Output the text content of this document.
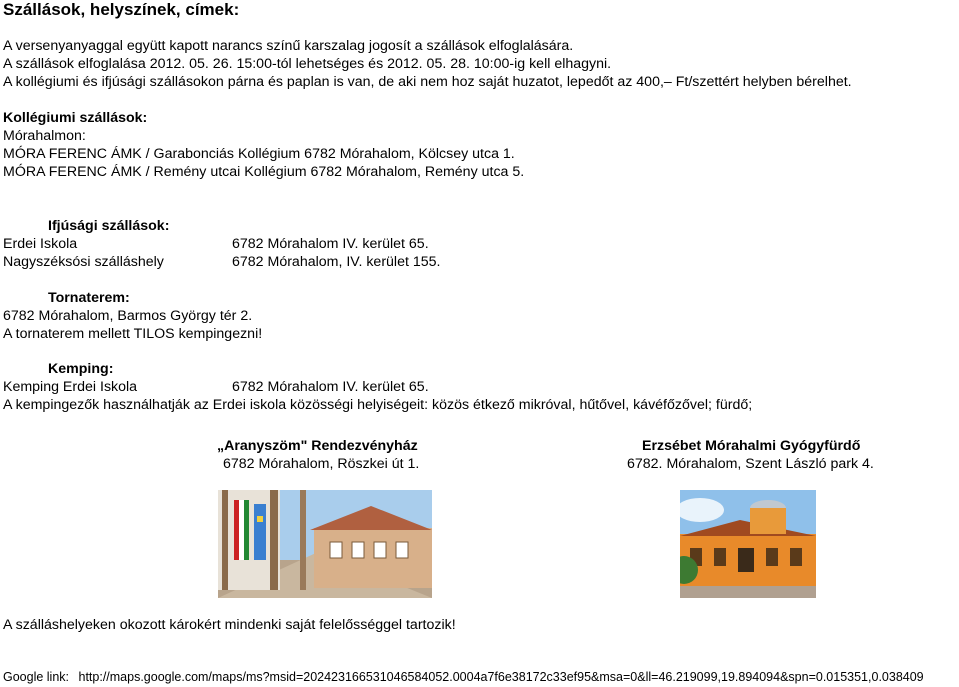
Szállások, helyszínek, címek:
A versenyanyaggal együtt kapott narancs színű karszalag jogosít a szállások elfoglalására.
A szállások elfoglalása 2012. 05. 26. 15:00-tól lehetséges és 2012. 05. 28. 10:00-ig kell elhagyni.
A kollégiumi és ifjúsági szállásokon párna és paplan is van, de aki nem hoz saját huzatot, lepedőt az 400,‒ Ft/szettért helyben bérelhet.
Kollégiumi szállások:
Mórahalmon:
MÓRA FERENC ÁMK / Garabonciás Kollégium 6782 Mórahalom, Kölcsey utca 1.
MÓRA FERENC ÁMK / Remény utcai Kollégium 6782 Mórahalom, Remény utca 5.
Ifjúsági szállások:
Erdei Iskola	6782 Mórahalom IV. kerület 65.
Nagyszéksósi szálláshely	6782 Mórahalom, IV. kerület 155.
Tornaterem:
6782 Mórahalom, Barmos György tér 2.
A tornaterem mellett TILOS kempingezni!
Kemping:
Kemping Erdei Iskola	6782 Mórahalom IV. kerület 65.
A kempingezők használhatják az Erdei iskola közösségi helyiségeit: közös étkező mikróval, hűtővel, kávéfőzővel; fürdő;
„Aranyszöm" Rendezvényház
6782 Mórahalom, Röszkei út 1.
Erzsébet Mórahalmi Gyógyfürdő
6782. Mórahalom, Szent László park 4.
A szálláshelyeken okozott károkért mindenki saját felelősséggel tartozik!
Google link: http://maps.google.com/maps/ms?msid=202423166531046584052.0004a7f6e38172c33ef95&msa=0&ll=46.219099,19.894094&spn=0.015351,0.038409
